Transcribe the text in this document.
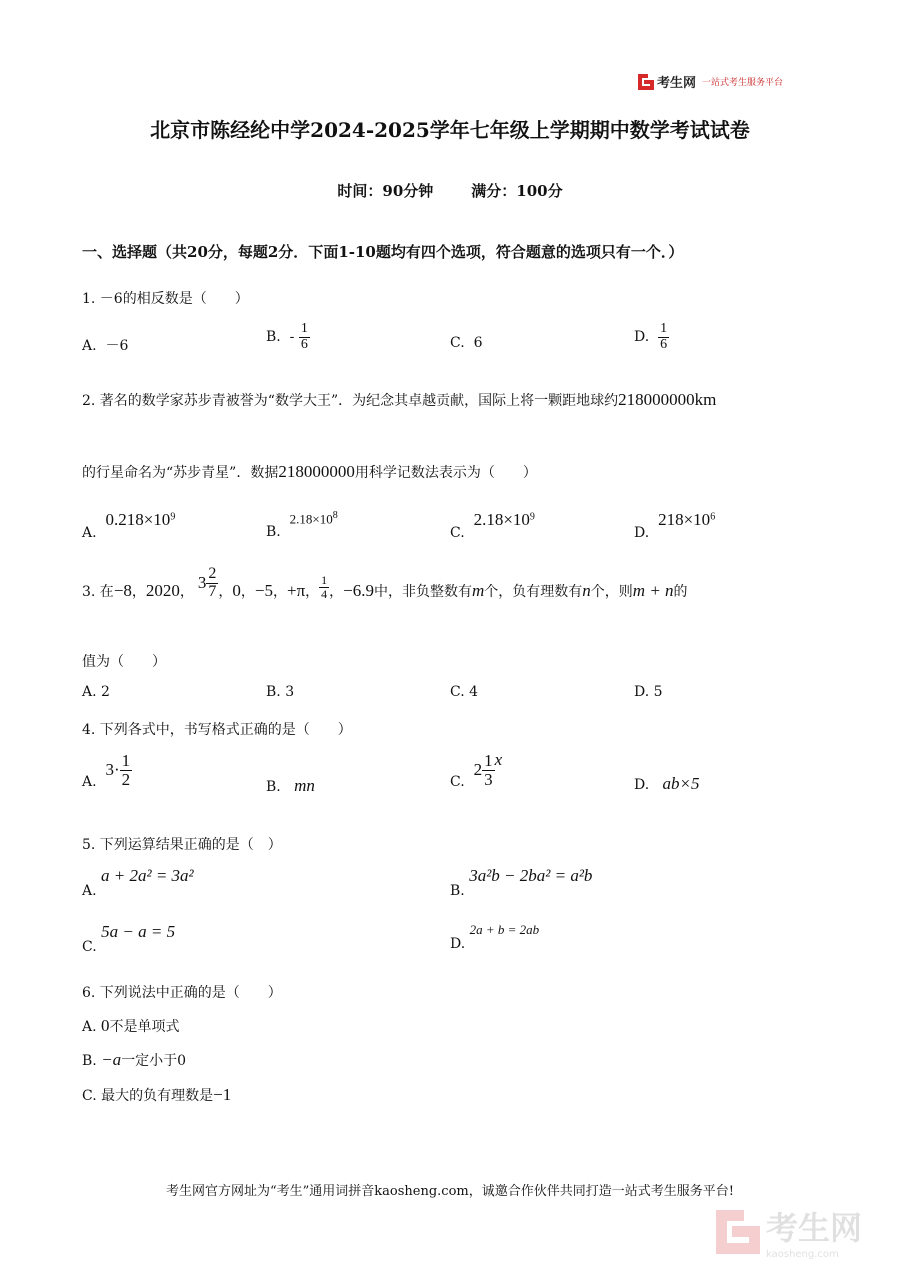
考生网 一站式考生服务平台
北京市陈经纶中学2024-2025学年七年级上学期期中数学考试试卷
时间：90分钟	满分：100分
一、选择题（共20分，每题2分．下面1-10题均有四个选项，符合题意的选项只有一个．）
1. －6的相反数是（　　）
A. －6
B. - $\frac{1}{6}$	C. 6	D. $\frac{1}{6}$
2. 著名的数学家苏步青被誉为“数学大王”．为纪念其卓越贡献，国际上将一颗距地球约218000000km
的行星命名为“苏步青星”．数据218000000用科学记数法表示为（　　）
A.  $0.218\times 10^9$
B.  $2.18\times 10^8$
C.  $2.18\times 10^9$
D.  $218\times 10^6$
3. 在 −8 ， 2020 ， $3 \frac{2}{7}$ ， 0 ， −5 ， +π ， $\frac{1}{4}$ ， −6.9 中，非负整数有 m 个，负有理数有 n 个，则 m + n 的
值为（　　）
A. 2	B. 3	C. 4	D. 5
4. 下列各式中，书写格式正确的是（　　）
A.

$3\cdot \frac{1}{2}$	B. mn	C.

$2 \frac{1}{3}$ x
D. ab×5
5. 下列运算结果正确的是（　）
A. a + 2a² = 3a²
B. 3a²b − 2ba² = a²b
C. 5a − a = 5
D. 2a + b = 2ab
6. 下列说法中正确的是（　　）
A. 0不是单项式
B. −a一定小于0
C. 最大的负有理数是−1
考生网官方网址为“考生”通用词拼音kaosheng.com，诚邀合作伙伴共同打造一站式考生服务平台!
考生网
kaosheng.com
